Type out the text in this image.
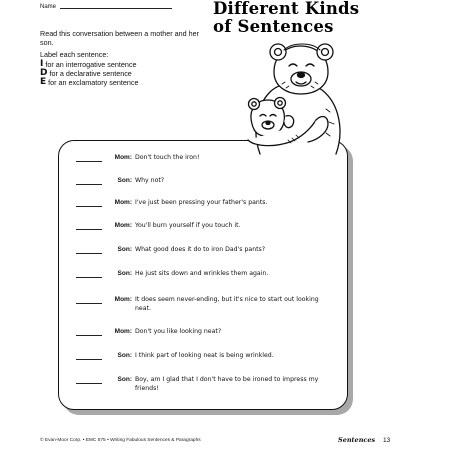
Name	Different Kinds
of Sentences
Read this conversation between a mother and her son.
Label each sentence:
I for an interrogative sentence
D for a declarative sentence
E for an exclamatory sentence
Mom: Don't touch the iron!
Son: Why not?
Mom: I've just been pressing your father's pants.
Mom: You'll burn yourself if you touch it.
Son: What good does it do to iron Dad's pants?
Son: He just sits down and wrinkles them again.
Mom: It does seem never-ending, but it's nice to start out looking neat.
Mom: Don't you like looking neat?
Son: I think part of looking neat is being wrinkled.
Son: Boy, am I glad that I don't have to be ironed to impress my friends!
© Evan-Moor Corp. • EMC 575 • Writing Fabulous Sentences & Paragraphs	Sentences 13
